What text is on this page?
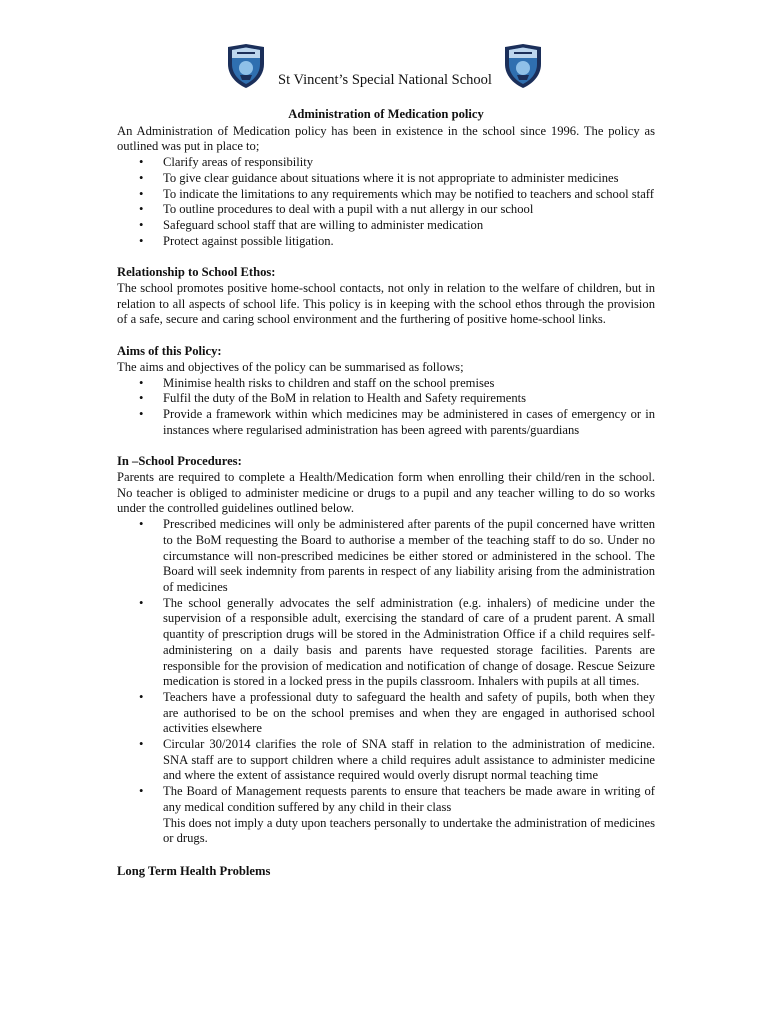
St Vincent’s Special National School
Administration of Medication policy

An Administration of Medication policy has been in existence in the school since 1996. The policy as outlined was put in place to;

• Clarify areas of responsibility
• To give clear guidance about situations where it is not appropriate to administer medicines
• To indicate the limitations to any requirements which may be notified to teachers and school staff
• To outline procedures to deal with a pupil with a nut allergy in our school
• Safeguard school staff that are willing to administer medication
• Protect against possible litigation.

Relationship to School Ethos:

The school promotes positive home-school contacts, not only in relation to the welfare of children, but in relation to all aspects of school life. This policy is in keeping with the school ethos through the provision of a safe, secure and caring school environment and the furthering of positive home-school links.

Aims of this Policy:

The aims and objectives of the policy can be summarised as follows;

• Minimise health risks to children and staff on the school premises
• Fulfil the duty of the BoM in relation to Health and Safety requirements
• Provide a framework within which medicines may be administered in cases of emergency or in instances where regularised administration has been agreed with parents/guardians

In –School Procedures:

Parents are required to complete a Health/Medication form when enrolling their child/ren in the school. No teacher is obliged to administer medicine or drugs to a pupil and any teacher willing to do so works under the controlled guidelines outlined below.

• Prescribed medicines will only be administered after parents of the pupil concerned have written to the BoM requesting the Board to authorise a member of the teaching staff to do so. Under no circumstance will non-prescribed medicines be either stored or administered in the school. The Board will seek indemnity from parents in respect of any liability arising from the administration of medicines
• The school generally advocates the self administration (e.g. inhalers) of medicine under the supervision of a responsible adult, exercising the standard of care of a prudent parent. A small quantity of prescription drugs will be stored in the Administration Office if a child requires self-administering on a daily basis and parents have requested storage facilities. Parents are responsible for the provision of medication and notification of change of dosage. Rescue Seizure medication is stored in a locked press in the pupils classroom. Inhalers with pupils at all times.
• Teachers have a professional duty to safeguard the health and safety of pupils, both when they are authorised to be on the school premises and when they are engaged in authorised school activities elsewhere
• Circular 30/2014 clarifies the role of SNA staff in relation to the administration of medicine. SNA staff are to support children where a child requires adult assistance to administer medicine and where the extent of assistance required would overly disrupt normal teaching time
• The Board of Management requests parents to ensure that teachers be made aware in writing of any medical condition suffered by any child in their class
This does not imply a duty upon teachers personally to undertake the administration of medicines or drugs.

Long Term Health Problems
